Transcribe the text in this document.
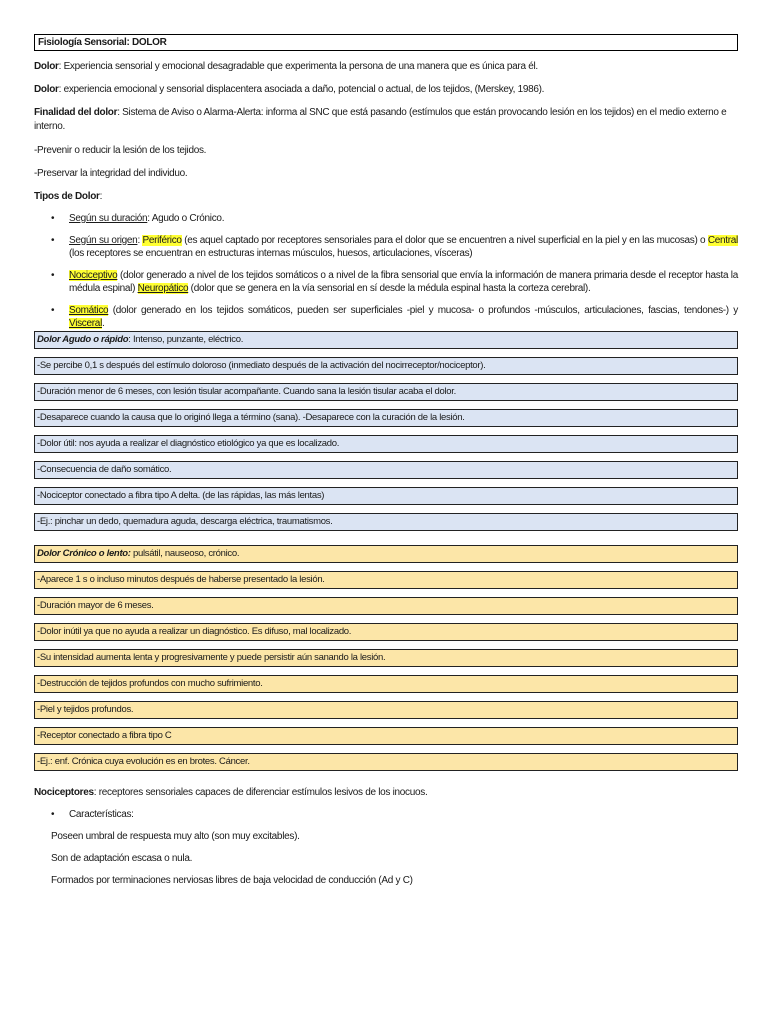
Fisiología Sensorial: DOLOR

Dolor: Experiencia sensorial y emocional desagradable que experimenta la persona de una manera que es única para él.

Dolor: experiencia emocional y sensorial displacentera asociada a daño, potencial o actual, de los tejidos, (Merskey, 1986).

Finalidad del dolor: Sistema de Aviso o Alarma-Alerta: informa al SNC que está pasando (estímulos que están provocando lesión en los tejidos) en el medio externo e interno.

-Prevenir o reducir la lesión de los tejidos.

-Preservar la integridad del individuo.

Tipos de Dolor:

• Según su duración: Agudo o Crónico.
• Según su origen: Periférico (es aquel captado por receptores sensoriales para el dolor que se encuentren a nivel superficial en la piel y en las mucosas) o Central (los receptores se encuentran en estructuras internas músculos, huesos, articulaciones, vísceras)
• Nociceptivo (dolor generado a nivel de los tejidos somáticos o a nivel de la fibra sensorial que envía la información de manera primaria desde el receptor hasta la médula espinal) Neuropático (dolor que se genera en la vía sensorial en sí desde la médula espinal hasta la corteza cerebral).
• Somático (dolor generado en los tejidos somáticos, pueden ser superficiales -piel y mucosa- o profundos -músculos, articulaciones, fascias, tendones-) y Visceral.
Dolor Agudo o rápido: Intenso, punzante, eléctrico.
-Se percibe 0,1 s después del estímulo doloroso (inmediato después de la activación del nocirreceptor/nociceptor).
-Duración menor de 6 meses, con lesión tisular acompañante. Cuando sana la lesión tisular acaba el dolor.
-Desaparece cuando la causa que lo originó llega a término (sana). -Desaparece con la curación de la lesión.
-Dolor útil: nos ayuda a realizar el diagnóstico etiológico ya que es localizado.
-Consecuencia de daño somático.
-Nociceptor conectado a fibra tipo A delta. (de las rápidas, las más lentas)
-Ej.: pinchar un dedo, quemadura aguda, descarga eléctrica, traumatismos.
Dolor Crónico o lento: pulsátil, nauseoso, crónico.
-Aparece 1 s o incluso minutos después de haberse presentado la lesión.
-Duración mayor de 6 meses.
-Dolor inútil ya que no ayuda a realizar un diagnóstico. Es difuso, mal localizado.
-Su intensidad aumenta lenta y progresivamente y puede persistir aún sanando la lesión.
-Destrucción de tejidos profundos con mucho sufrimiento.
-Piel y tejidos profundos.
-Receptor conectado a fibra tipo C
-Ej.: enf. Crónica cuya evolución es en brotes. Cáncer.
Nociceptores: receptores sensoriales capaces de diferenciar estímulos lesivos de los inocuos.
• Características:
Poseen umbral de respuesta muy alto (son muy excitables).
Son de adaptación escasa o nula.
Formados por terminaciones nerviosas libres de baja velocidad de conducción (Ad y C)
